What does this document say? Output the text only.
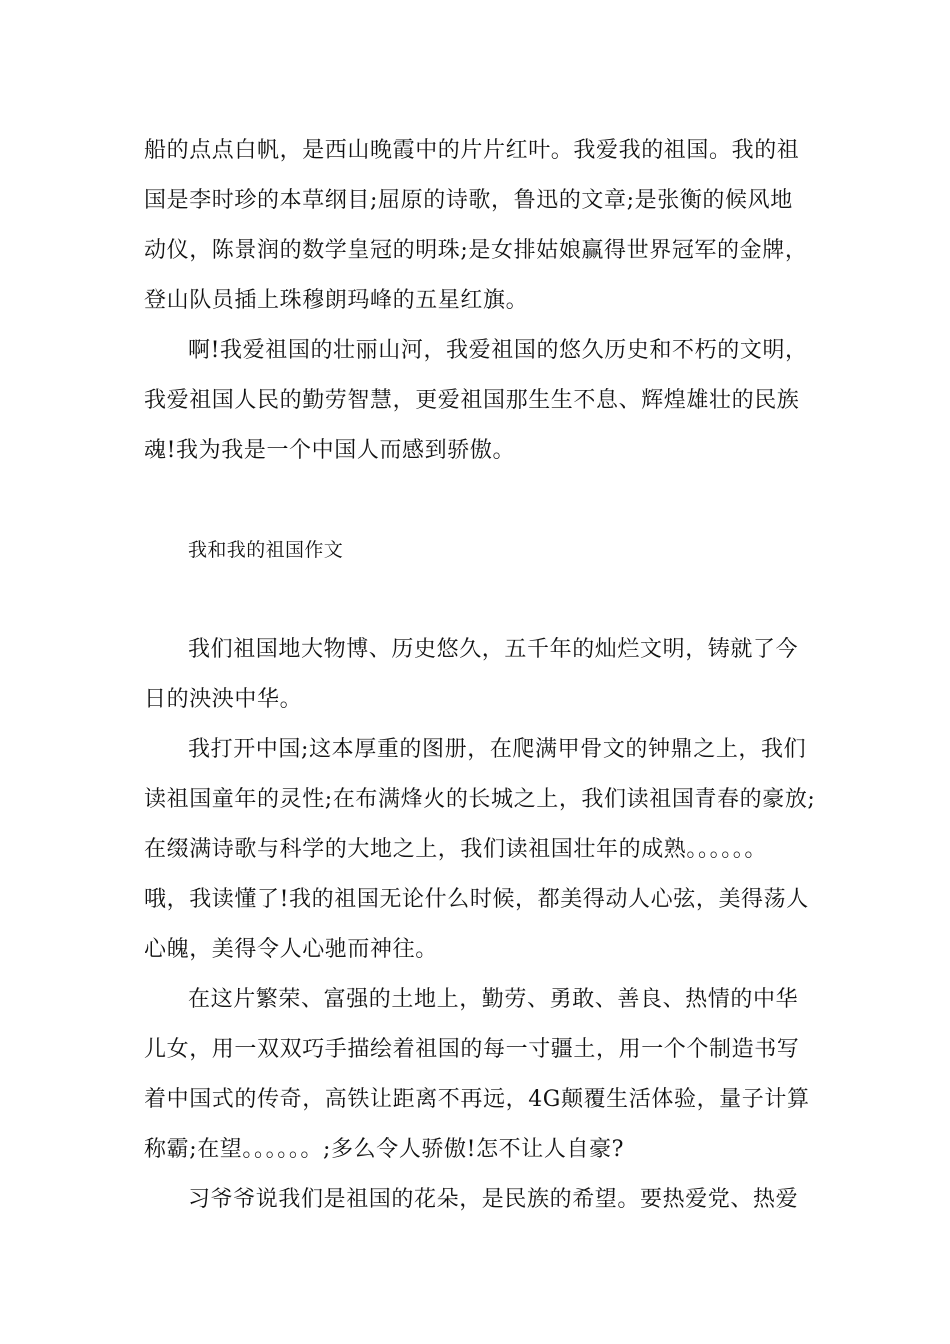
船的点点白帆，是西山晚霞中的片片红叶。我爱我的祖国。我的祖
国是李时珍的本草纲目;屈原的诗歌，鲁迅的文章;是张衡的候风地
动仪，陈景润的数学皇冠的明珠;是女排姑娘赢得世界冠军的金牌，
登山队员插上珠穆朗玛峰的五星红旗。
啊!我爱祖国的壮丽山河，我爱祖国的悠久历史和不朽的文明，
我爱祖国人民的勤劳智慧，更爱祖国那生生不息、辉煌雄壮的民族
魂!我为我是一个中国人而感到骄傲。
我和我的祖国作文
我们祖国地大物博、历史悠久，五千年的灿烂文明，铸就了今
日的泱泱中华。
我打开中国;这本厚重的图册，在爬满甲骨文的钟鼎之上，我们
读祖国童年的灵性;在布满烽火的长城之上，我们读祖国青春的豪放;
在缀满诗歌与科学的大地之上，我们读祖国壮年的成熟。。。。。。
哦，我读懂了!我的祖国无论什么时候，都美得动人心弦，美得荡人
心魄，美得令人心驰而神往。
在这片繁荣、富强的土地上，勤劳、勇敢、善良、热情的中华
儿女，用一双双巧手描绘着祖国的每一寸疆土，用一个个制造书写
着中国式的传奇，高铁让距离不再远，4G颠覆生活体验，量子计算
称霸;在望。。。。。。;多么令人骄傲!怎不让人自豪?
习爷爷说我们是祖国的花朵，是民族的希望。要热爱党、热爱
